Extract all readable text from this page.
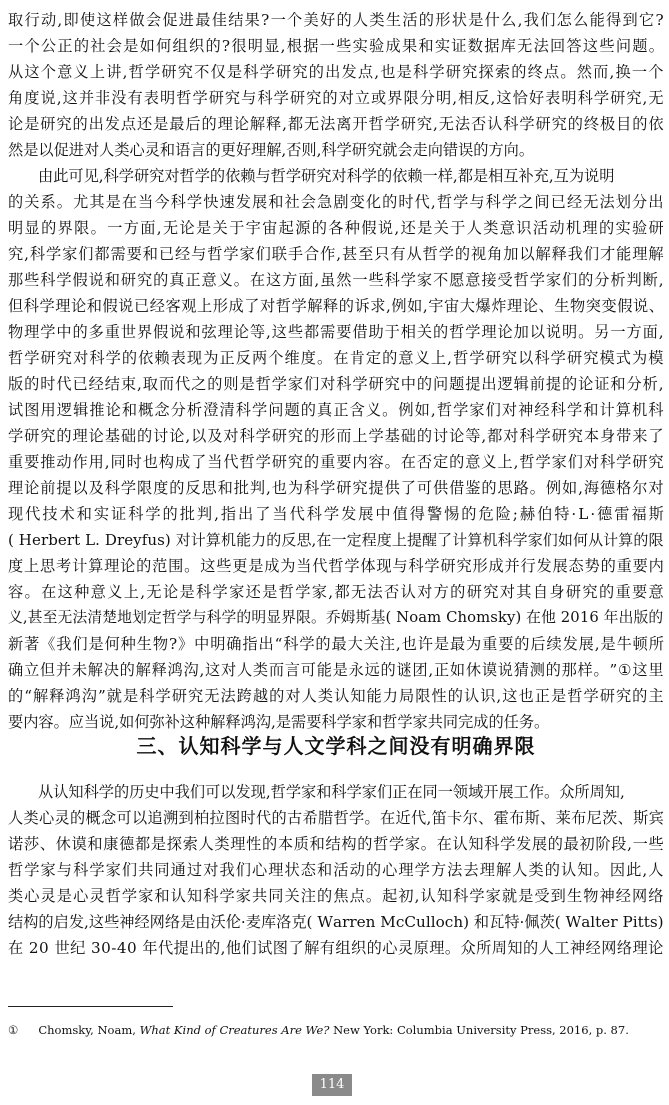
取 行 动 , 即 使 这 样 做 会 促 进 最 佳 结 果 ? 一 个 美 好 的 人 类 生 活 的 形 状 是 什 么 , 我 们 怎 么 能 得 到 它 ?
一 个 公 正 的 社 会 是 如 何 组 织 的 ? 很 明 显 , 根 据 一 些 实 验 成 果 和 实 证 数 据 库 无 法 回 答 这 些 问 题 。
从 这 个 意 义 上 讲 , 哲 学 研 究 不 仅 是 科 学 研 究 的 出 发 点 , 也 是 科 学 研 究 探 索 的 终 点 。 然 而 , 换 一 个
角 度 说 , 这 并 非 没 有 表 明 哲 学 研 究 与 科 学 研 究 的 对 立 或 界 限 分 明 , 相 反 , 这 恰 好 表 明 科 学 研 究 , 无
论 是 研 究 的 出 发 点 还 是 最 后 的 理 论 解 释 , 都 无 法 离 开 哲 学 研 究 , 无 法 否 认 科 学 研 究 的 终 极 目 的 依
然是以促进对人类心灵和语言的更好理解,否则,科学研究就会走向错误的方向。
由此可见,科学研究对哲学的依赖与哲学研究对科学的依赖一样,都是相互补充,互为说明
的 关 系 。 尤 其 是 在 当 今 科 学 快 速 发 展 和 社 会 急 剧 变 化 的 时 代 , 哲 学 与 科 学 之 间 已 经 无 法 划 分 出
明 显 的 界 限 。 一 方 面 , 无 论 是 关 于 宇 宙 起 源 的 各 种 假 说 , 还 是 关 于 人 类 意 识 活 动 机 理 的 实 验 研
究 , 科 学 家 们 都 需 要 和 已 经 与 哲 学 家 们 联 手 合 作 , 甚 至 只 有 从 哲 学 的 视 角 加 以 解 释 我 们 才 能 理 解
那 些 科 学 假 说 和 研 究 的 真 正 意 义 。 在 这 方 面 , 虽 然 一 些 科 学 家 不 愿 意 接 受 哲 学 家 们 的 分 析 判 断 ,
但 科 学 理 论 和 假 说 已 经 客 观 上 形 成 了 对 哲 学 解 释 的 诉 求 , 例 如 , 宇 宙 大 爆 炸 理 论 、 生 物 突 变 假 说 、
物 理 学 中 的 多 重 世 界 假 说 和 弦 理 论 等 , 这 些 都 需 要 借 助 于 相 关 的 哲 学 理 论 加 以 说 明 。 另 一 方 面 ,
哲 学 研 究 对 科 学 的 依 赖 表 现 为 正 反 两 个 维 度 。 在 肯 定 的 意 义 上 , 哲 学 研 究 以 科 学 研 究 模 式 为 模
版 的 时 代 已 经 结 束 , 取 而 代 之 的 则 是 哲 学 家 们 对 科 学 研 究 中 的 问 题 提 出 逻 辑 前 提 的 论 证 和 分 析 ,
试 图 用 逻 辑 推 论 和 概 念 分 析 澄 清 科 学 问 题 的 真 正 含 义 。 例 如 , 哲 学 家 们 对 神 经 科 学 和 计 算 机 科
学 研 究 的 理 论 基 础 的 讨 论 , 以 及 对 科 学 研 究 的 形 而 上 学 基 础 的 讨 论 等 , 都 对 科 学 研 究 本 身 带 来 了
重 要 推 动 作 用 , 同 时 也 构 成 了 当 代 哲 学 研 究 的 重 要 内 容 。 在 否 定 的 意 义 上 , 哲 学 家 们 对 科 学 研 究
理 论 前 提 以 及 科 学 限 度 的 反 思 和 批 判 , 也 为 科 学 研 究 提 供 了 可 供 借 鉴 的 思 路 。 例 如 , 海 德 格 尔 对
现 代 技 术 和 实 证 科 学 的 批 判 , 指 出 了 当 代 科 学 发 展 中 值 得 警 惕 的 危 险 ; 赫 伯 特 · L · 德 雷 福 斯
(
H e r b e r t
L .
D r e y f u s )
对 计 算 机 能 力 的 反 思 , 在 一 定 程 度 上 提 醒 了 计 算 机 科 学 家 们 如 何 从 计 算 的 限
度 上 思 考 计 算 理 论 的 范 围 。 这 些 更 是 成 为 当 代 哲 学 体 现 与 科 学 研 究 形 成 并 行 发 展 态 势 的 重 要 内
容 。 在 这 种 意 义 上 , 无 论 是 科 学 家 还 是 哲 学 家 , 都 无 法 否 认 对 方 的 研 究 对 其 自 身 研 究 的 重 要 意
义 , 甚 至 无 法 清 楚 地 划 定 哲 学 与 科 学 的 明 显 界 限 。 乔 姆 斯 基 (
N o a m
C h o m s k y )
在 他
2 0 1 6
年 出 版 的
新 著 《 我 们 是 何 种 生 物 ? 》 中 明 确 指 出 “ 科 学 的 最 大 关 注 , 也 许 是 最 为 重 要 的 后 续 发 展 , 是 牛 顿 所
确 立 但 并 未 解 决 的 解 释 鸿 沟 , 这 对 人 类 而 言 可 能 是 永 远 的 谜 团 , 正 如 休 谟 说 猜 测 的 那 样 。 ” ① 这 里
的 “ 解 释 鸿 沟 ” 就 是 科 学 研 究 无 法 跨 越 的 对 人 类 认 知 能 力 局 限 性 的 认 识 , 这 也 正 是 哲 学 研 究 的 主
要内容。应当说,如何弥补这种解释鸿沟,是需要科学家和哲学家共同完成的任务。
三、认知科学与人文学科之间没有明确界限
从认知科学的历史中我们可以发现,哲学家和科学家们正在同一领域开展工作。众所周知,
人 类 心 灵 的 概 念 可 以 追 溯 到 柏 拉 图 时 代 的 古 希 腊 哲 学 。 在 近 代 , 笛 卡 尔 、 霍 布 斯 、 莱 布 尼 茨 、 斯 宾
诺 莎 、 休 谟 和 康 德 都 是 探 索 人 类 理 性 的 本 质 和 结 构 的 哲 学 家 。 在 认 知 科 学 发 展 的 最 初 阶 段 , 一 些
哲 学 家 与 科 学 家 们 共 同 通 过 对 我 们 心 理 状 态 和 活 动 的 心 理 学 方 法 去 理 解 人 类 的 认 知 。 因 此 , 人
类 心 灵 是 心 灵 哲 学 家 和 认 知 科 学 家 共 同 关 注 的 焦 点 。 起 初 , 认 知 科 学 家 就 是 受 到 生 物 神 经 网 络
结 构 的 启 发 , 这 些 神 经 网 络 是 由 沃 伦 · 麦 库 洛 克 (
W a r r e n
M c C u l l o c h )
和 瓦 特 · 佩 茨 (
W a l t e r
P i t t s )
在
2 0
世 纪
3 0 - 4 0
年 代 提 出 的 , 他 们 试 图 了 解 有 组 织 的 心 灵 原 理 。 众 所 周 知 的 人 工 神 经 网 络 理 论
① Chomsky, Noam, What Kind of Creatures Are We? New York: Columbia University Press, 2016, p. 87.
114
